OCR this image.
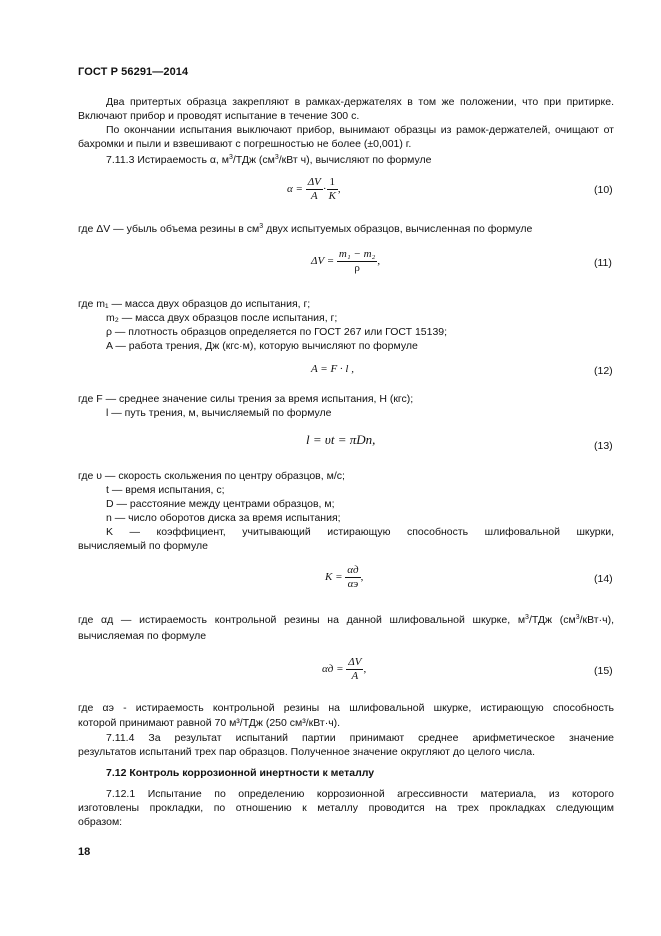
ГОСТ Р 56291—2014
Два притертых образца закрепляют в рамках-держателях в том же положении, что при притирке. Включают прибор и проводят испытание в течение 300 с.
По окончании испытания выключают прибор, вынимают образцы из рамок-держателей, очищают от бахромки и пыли и взвешивают с погрешностью не более (±0,001) г.
7.11.3 Истираемость α, $м^3$/ТДж ($см^3$/кВт ч), вычисляют по формуле
$\alpha = \frac{\Delta V}{A} \cdot \frac{1}{K}$ ,	(10)
где ΔV — убыль объема резины в $см^3$ двух испытуемых образцов, вычисленная по формуле
$\Delta V = \frac{\text{m₁ − m₂}}{\rho}$ ,	(11)
где m₁ — масса двух образцов до испытания, г;
m₂ — масса двух образцов после испытания, г;
ρ — плотность образцов определяется по ГОСТ 267 или ГОСТ 15139;
A — работа трения, Дж (кгс·м), которую вычисляют по формуле
A = F · l ,	(12)
где F — среднее значение силы трения за время испытания, Н (кгс);
l — путь трения, м, вычисляемый по формуле
l = υt = πDn,	(13)
где υ — скорость скольжения по центру образцов, м/с;
t — время испытания, с;
D — расстояние между центрами образцов, м;
n — число оборотов диска за время испытания;
K — коэффициент, учитывающий истирающую способность шлифовальной шкурки,
вычисляемый по формуле
$K = \frac{\alpha д}{\alpha э}$ ,	(14)
где αд — истираемость контрольной резины на данной шлифовальной шкурке, $м^3$/ТДж $(см^3/кВт\cdot ч)$,
вычисляемая по формуле
$\alpha д = \frac{\Delta V}{A}$ ,	(15)
где αэ - истираемость контрольной резины на шлифовальной шкурке, истирающую способность
которой принимают равной 70 м³/ТДж (250 см³/кВт·ч).
7.11.4 За результат испытаний партии принимают среднее арифметическое значение
результатов испытаний трех пар образцов. Полученное значение округляют до целого числа.
7.12 Контроль коррозионной инертности к металлу
7.12.1 Испытание по определению коррозионной агрессивности материала, из которого
изготовлены прокладки, по отношению к металлу проводится на трех прокладках следующим
образом:
18
